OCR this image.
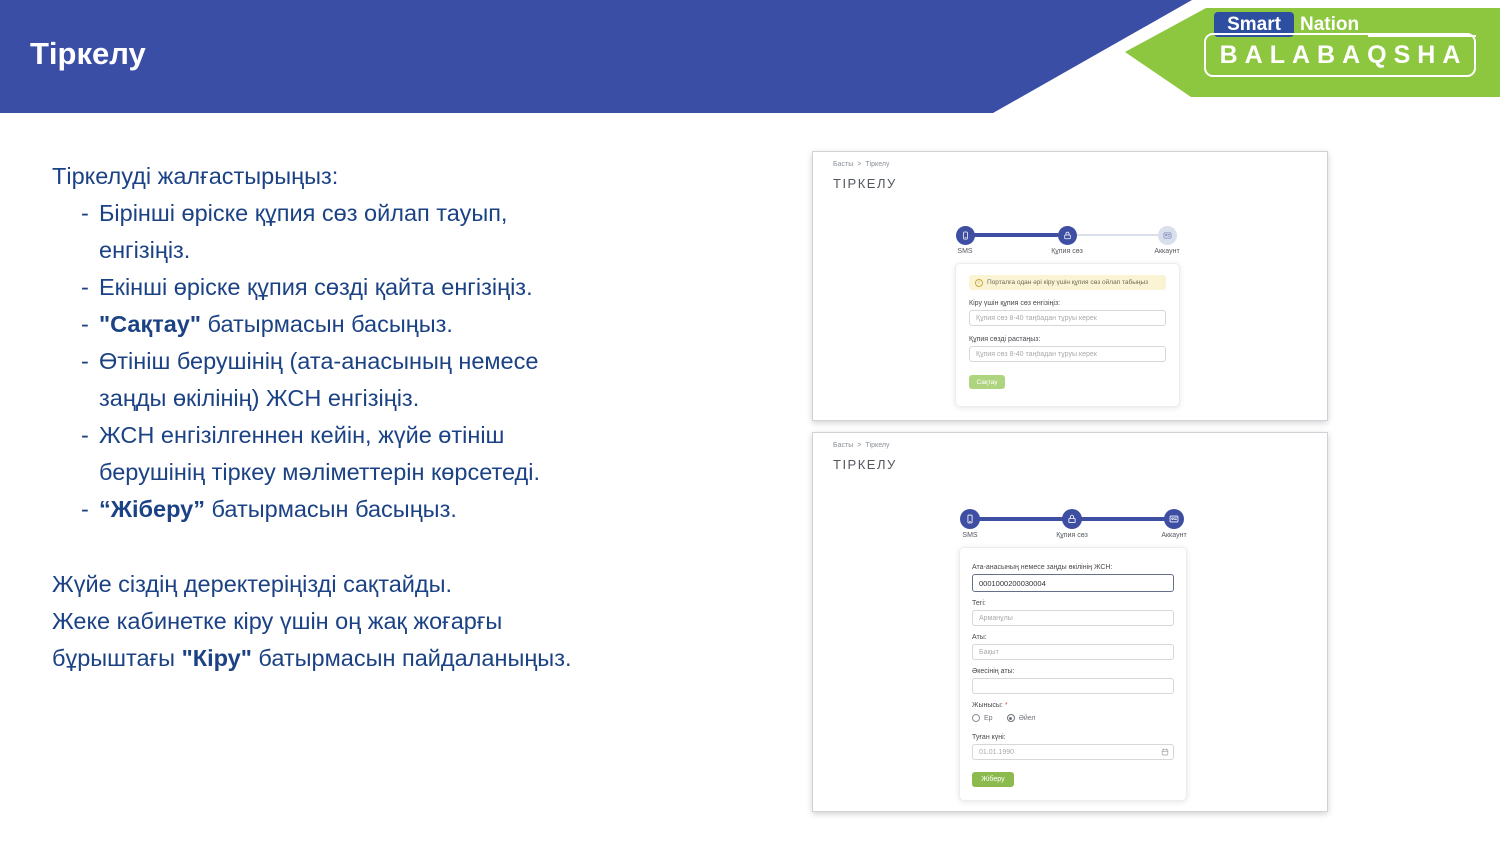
Тіркелу
Smart	Nation
BALABAQSHA

Тіркелуді жалғастырыңыз:

- Бірінші өріске құпия сөз ойлап тауып, енгізіңіз.
- Екінші өріске құпия сөзді қайта енгізіңіз.
- "Сақтау" батырмасын басыңыз.
- Өтініш берушінің (ата-анасының немесе заңды өкілінің) ЖСН енгізіңіз.
- ЖСН енгізілгеннен кейін, жүйе өтініш берушінің тіркеу мәліметтерін көрсетеді.
- “Жіберу” батырмасын басыңыз.

Жүйе сіздің деректеріңізді сақтайды.

Жеке кабинетке кіру үшін оң жақ жоғарғы бұрыштағы "Кіру" батырмасын пайдаланыңыз.

Басты > Тіркелу
ТІРКЕЛУ
SMS	Құпия сөз	Аккаунт
i	Порталға одан әрі кіру үшін құпия сөз ойлап табыңыз
Кіру үшін құпия сөз енгізіңіз:
Құпия сөз 8-40 таңбадан тұруы керек
Құпия сөзді растаңыз:
Құпия сөз 8-40 таңбадан тұруы керек
Сақтау
Басты > Тіркелу
ТІРКЕЛУ
SMS	Құпия сөз	Аккаунт
Ата-анасының немесе заңды өкілінің ЖСН:
0001000200030004
Тегі:
Арманұлы
Аты:
Бақыт
Әкесінің аты:
Жынысы: *
Ер	Әйел
Туған күні:
01.01.1990
Жіберу
